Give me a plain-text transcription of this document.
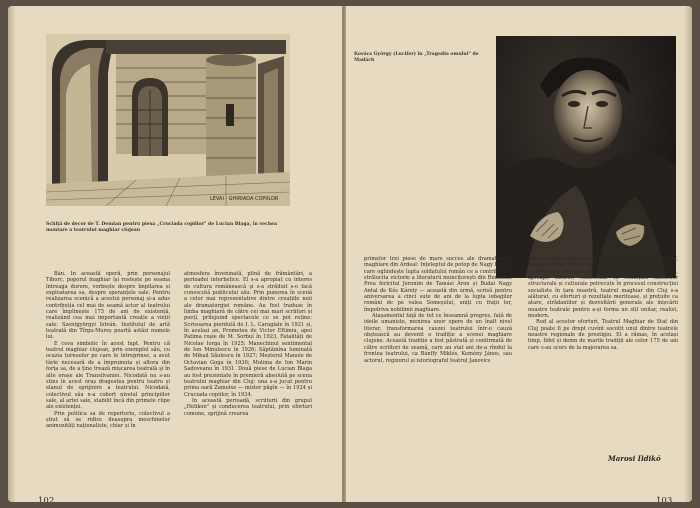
LEVAI · GHIRIADA COPIILOR
Schiță de decor de T. Demian pentru piesa „Cruciada copiilor" de Lucian Blaga, în vechea montare a teatrului maghiar clujean

Bán. In această operă, prin personajul Tiborc, poporul maghiar își rostește pe seama întreaga durere, vorbește despre împilarea și exploatarea sa, despre speranțele sale. Pentru realizarea scenică a acestui personaj și-a adus contribuția cel mai de seamă actor al teatrului care împlinește 175 de ani de existență, realizând cea mai importantă creație a vieții sale: Szentgyörgyi István. Institutul de artă teatrală din Tîrgu-Mureș poartă astăzi numele lui.

E ceva simbolic în acest fapt. Pentru că teatrul maghiar clujean, prin exemplul său, cu ocazia turneelor pe care le întreprinse, a avut tărie necesară de a împrumuta și altora din forța sa, de a ține trează mișcarea teatrală și în alte orașe ale Transilvaniei. Nicodată nu s-au stins în acest oraș dragostea pentru teatru și elanul de sprijinire a teatrului. Nicodată, colectivul său n-a cobort nivelul principiilor sale, al artei sale, stabilit încă din primele clipe ale existenței.

Prin politica sa de repertoriu, colectivul a știut să se ridice deasupra meschinelor animozități naționaliste, chiar și în

atmosfera înveninată, plină de frământări, a perioadei interbelice. El s-a apropiat cu interes de cultura românească și s-a străduit s-o facă cunoscută publicului său. Prin punerea în scenă a celor mai reprezentative dintre creațiile noii ale dramaturgiei române. Au fost traduse în limba maghiară de către cei mai mari scriitori și poeți, prilejuind spectacole ce se pot reține: Scrisoarea pierdută de I. L. Caragiale în 1921 și, în același an, Prometeu de Victor Eftimiu, apoi Patima roșie de M. Sorbul în 1923, Fatalități de Nicolae Iorga în 1925; Manechinul sentimental de Ion Minulescu în 1926; Săptămîna luminată de Mihail Săulescu în 1927; Meșterul Manole de Octavian Goga în 1930; Molima de Ion Marin Sadoveanu în 1931. Două piese de Lucian Blaga au fost prezentate în premieră absolută pe scena teatrului maghiar din Cluj: una s-a jucat pentru prima oară Zamolxe — mister păgîn — în 1924 și Cruciada copiilor, în 1934.

In această perioadă, scriitorii din grupul „Helikon" și conducerea teatrului, prin eforturi comune, sprijină crearea

102
Kovács György (Lucifer) în „Tragedia omului" de Madách

primelor trei piese de mare succes ale dramaturgiei maghiare din Ardeal: Ințeleptul de potop de Nagy István, care oglindește lupta soldatului român ce a contribuit la strălucita victorie a literaturii muncitorești din România; Prea fericitul Jeronim de Tamási Áron și Budai Nagy Antal de Kós Károly — această din urmă, scrisă pentru aniversarea a cinci sute de ani de la lupta iobagilor români de pe valea Someșului, uniți cu frații lor, împotriva nobilimii maghiare.

Atașamentul față de tot ce înseamnă progres, față de ideile umaniste, menirea unor opere de un înalt nivel literar, transformarea cauzei teatrului într-o cauză obștească au devenit o tradiție a scenei maghiare clujene. Această tradiție a fost păstrată și confirmată de către scriitori de seamă, care au stat ani de-a rîndul la frontea teatrului, ca Bánffy Miklós, Kemény János, sau actorul, regizorul și istoriograful teatrul Janovics

Jenő, iar după Eliberare, Szentimrei Jenő, Méliusz József, Tamás Gáspár, Huszár Sándor.

Perioada ultimilor douăzeci și cinci de ani ne este, aproape tuturor, cunoscută. In condițiile înnoirilor structurale și culturale petrecute în procesul construcției socialiste în țara noastră, teatrul maghiar din Cluj s-a alăturat, cu eforturi și rezultate meritoase, și prețuite ca atare, strădaniilor și dezvoltării generale ale mișcării noastre teatrale pentru a-și forma un stil unitar, realist, modern.

Rod al acestor eforturi, Teatrul Maghiar de Stat din Cluj poate fi pe drept cuvînt socotit unul dintre teatrele noastre regionale de prestigiu. El a rămas, în același timp, fidel și demn de marile tradiții ale celor 175 de ani care s-au scurs de la majorarea sa.

Marosi Ildikó
103
